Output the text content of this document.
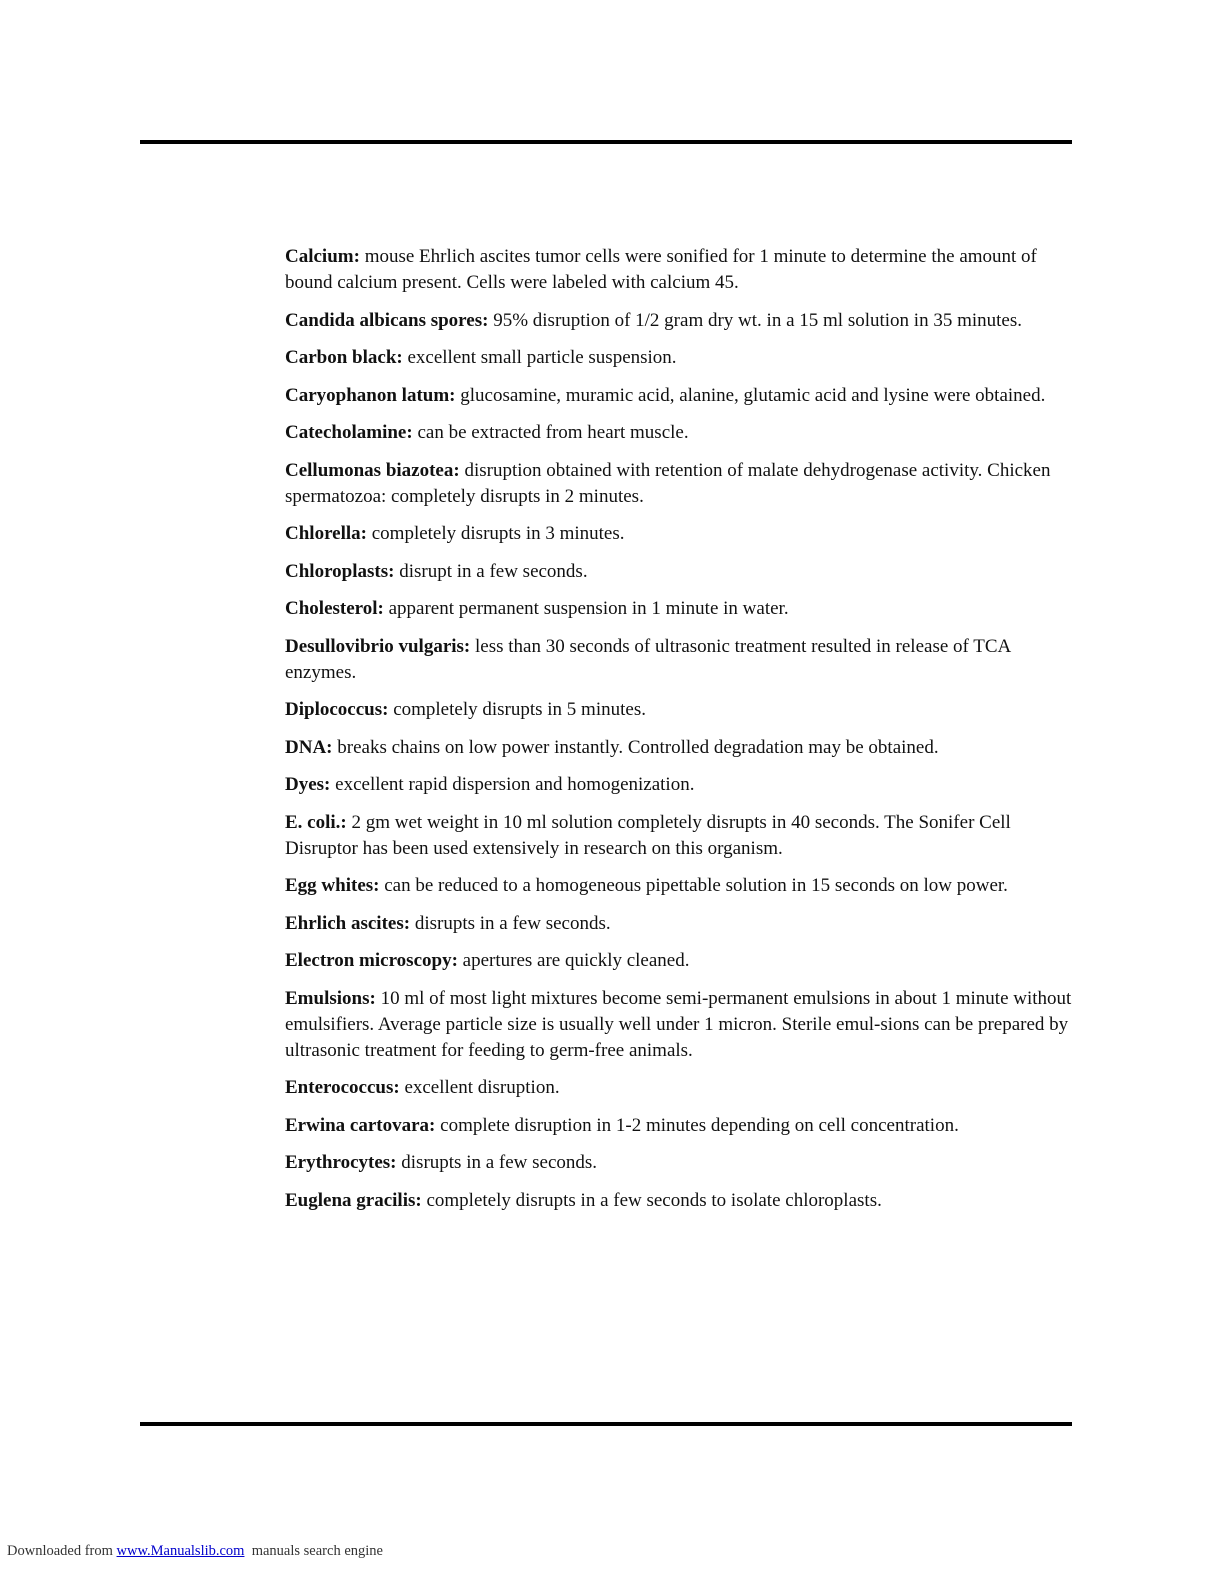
Calcium: mouse Ehrlich ascites tumor cells were sonified for 1 minute to determine the amount of bound calcium present. Cells were labeled with calcium 45.

Candida albicans spores: 95% disruption of 1/2 gram dry wt. in a 15 ml solution in 35 minutes.

Carbon black: excellent small particle suspension.

Caryophanon latum: glucosamine, muramic acid, alanine, glutamic acid and lysine were obtained.

Catecholamine: can be extracted from heart muscle.

Cellumonas biazotea: disruption obtained with retention of malate dehydrogenase activity. Chicken spermatozoa: completely disrupts in 2 minutes.

Chlorella: completely disrupts in 3 minutes.

Chloroplasts: disrupt in a few seconds.

Cholesterol: apparent permanent suspension in 1 minute in water.

Desullovibrio vulgaris: less than 30 seconds of ultrasonic treatment resulted in release of TCA enzymes.

Diplococcus: completely disrupts in 5 minutes.

DNA: breaks chains on low power instantly. Controlled degradation may be obtained.

Dyes: excellent rapid dispersion and homogenization.

E. coli.: 2 gm wet weight in 10 ml solution completely disrupts in 40 seconds. The Sonifer Cell Disruptor has been used extensively in research on this organism.

Egg whites: can be reduced to a homogeneous pipettable solution in 15 seconds on low power.

Ehrlich ascites: disrupts in a few seconds.

Electron microscopy: apertures are quickly cleaned.

Emulsions: 10 ml of most light mixtures become semi-permanent emulsions in about 1 minute without emulsifiers. Average particle size is usually well under 1 micron. Sterile emul-sions can be prepared by ultrasonic treatment for feeding to germ-free animals.

Enterococcus: excellent disruption.

Erwina cartovara: complete disruption in 1-2 minutes depending on cell concentration.

Erythrocytes: disrupts in a few seconds.

Euglena gracilis: completely disrupts in a few seconds to isolate chloroplasts.

Downloaded from www.Manualslib.com  manuals search engine
